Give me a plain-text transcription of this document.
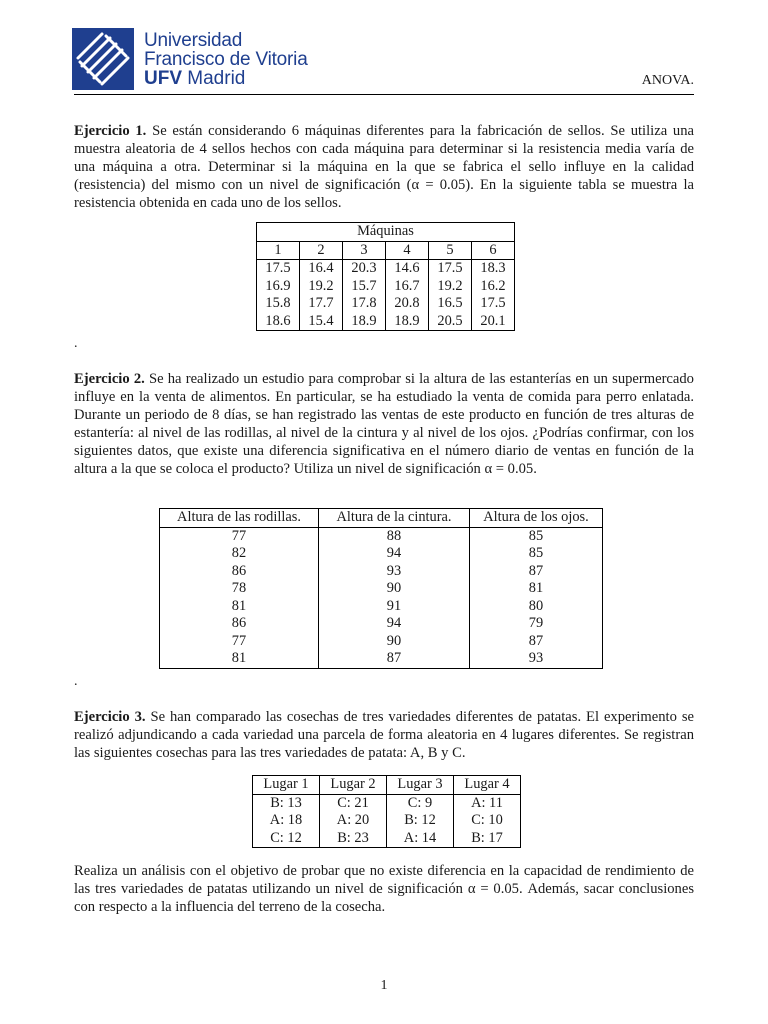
Universidad
Francisco de Vitoria
UFV Madrid	ANOVA.
Ejercicio 1. Se están considerando 6 máquinas diferentes para la fabricación de sellos. Se utiliza una muestra aleatoria de 4 sellos hechos con cada máquina para determinar si la resistencia media varía de una máquina a otra. Determinar si la máquina en la que se fabrica el sello influye en la calidad (resistencia) del mismo con un nivel de significación (α = 0.05). En la siguiente tabla se muestra la resistencia obtenida en cada uno de los sellos.
Máquinas					
1	2	3	4	5	6
17.5	16.4	20.3	14.6	17.5	18.3
16.9	19.2	15.7	16.7	19.2	16.2
15.8	17.7	17.8	20.8	16.5	17.5
18.6	15.4	18.9	18.9	20.5	20.1
.
Ejercicio 2. Se ha realizado un estudio para comprobar si la altura de las estanterías en un supermercado influye en la venta de alimentos. En particular, se ha estudiado la venta de comida para perro enlatada. Durante un periodo de 8 días, se han registrado las ventas de este producto en función de tres alturas de estantería: al nivel de las rodillas, al nivel de la cintura y al nivel de los ojos. ¿Podrías confirmar, con los siguientes datos, que existe una diferencia significativa en el número diario de ventas en función de la altura a la que se coloca el producto? Utiliza un nivel de significación α = 0.05.
Altura de las rodillas.	Altura de la cintura.	Altura de los ojos.
77	88	85
82	94	85
86	93	87
78	90	81
81	91	80
86	94	79
77	90	87
81	87	93
.
Ejercicio 3. Se han comparado las cosechas de tres variedades diferentes de patatas. El experimento se realizó adjundicando a cada variedad una parcela de forma aleatoria en 4 lugares diferentes. Se registran las siguientes cosechas para las tres variedades de patata: A, B y C.
Lugar 1	Lugar 2	Lugar 3	Lugar 4
B: 13	C: 21	C: 9	A: 11
A: 18	A: 20	B: 12	C: 10
C: 12	B: 23	A: 14	B: 17
Realiza un análisis con el objetivo de probar que no existe diferencia en la capacidad de rendimiento de las tres variedades de patatas utilizando un nivel de significación α = 0.05. Además, sacar conclusiones con respecto a la influencia del terreno de la cosecha.
1
